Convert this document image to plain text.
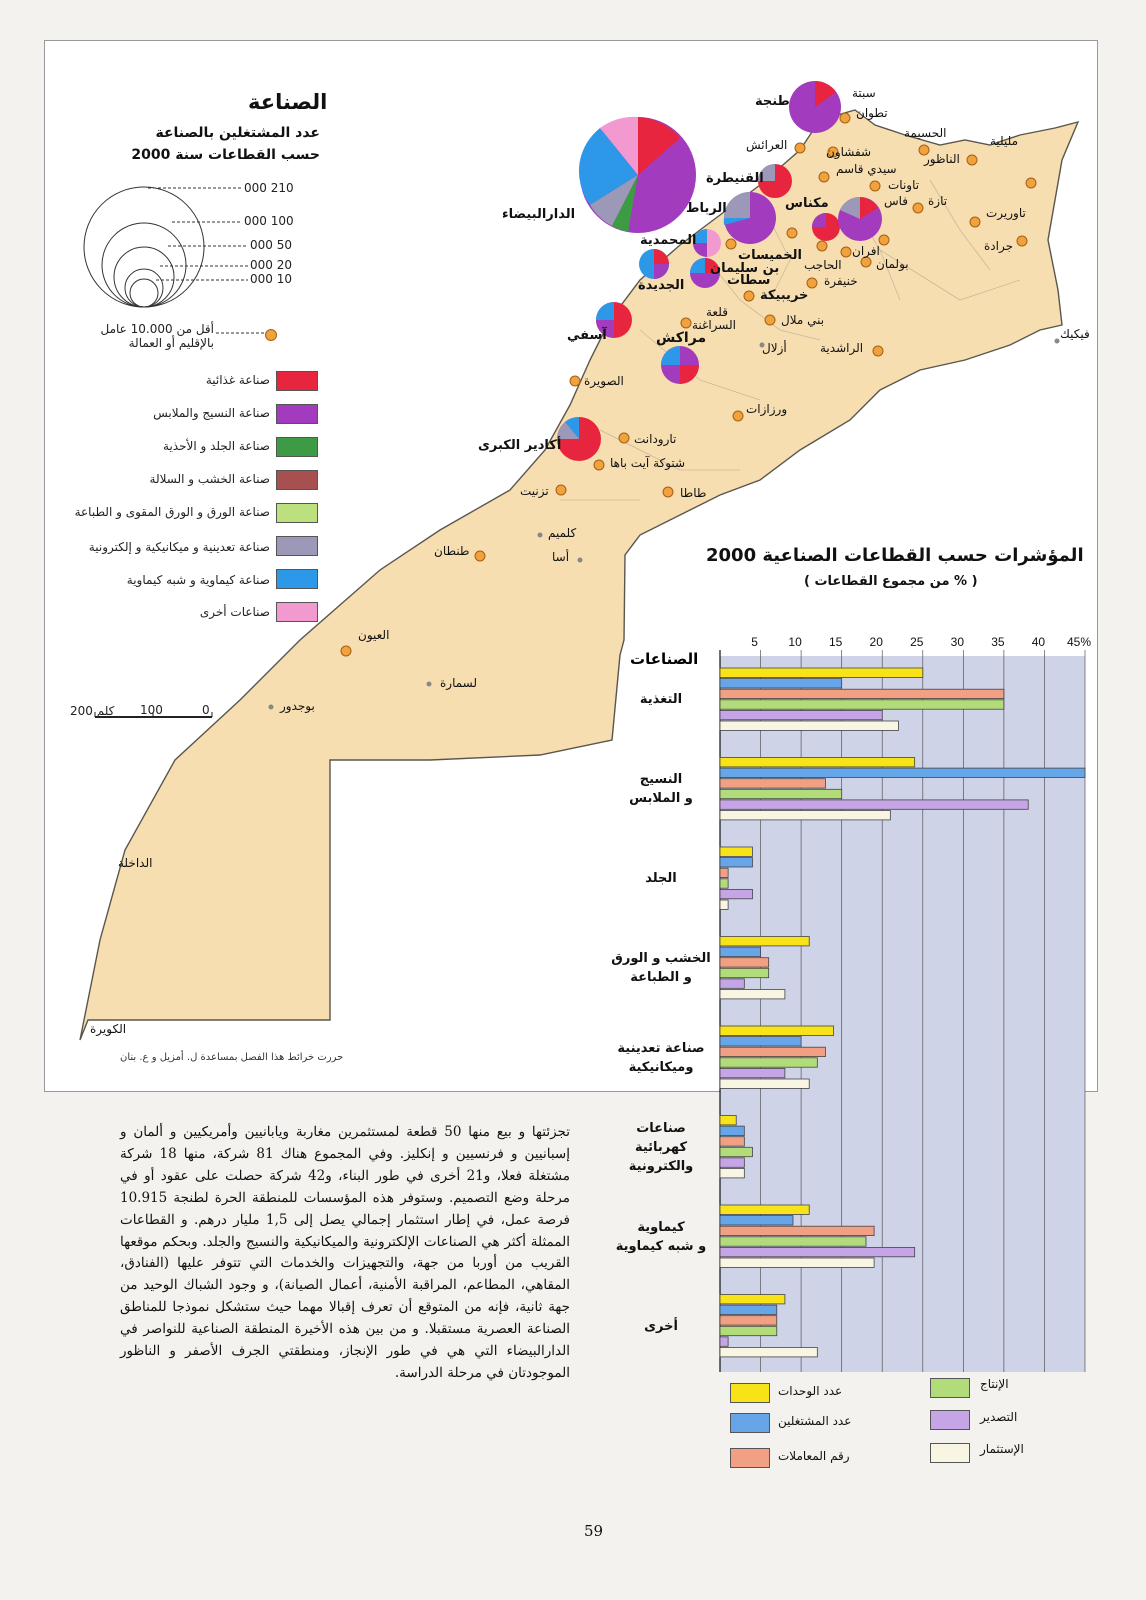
الصناعة
عدد المشتغلين بالصناعة
حسب القطاعات سنة 2000
210 000
100 000
50 000
20 000
10 000
أقل من 10.000 عامل
بالإقليم أو العمالة
صناعة غذائية
صناعة النسيج والملابس
صناعة الجلد و الأحذية
صناعة الخشب و السلالة
صناعة الورق و الورق المقوى و الطباعة
صناعة تعدينية و ميكانيكية و إلكترونية
صناعة كيماوية و شبه كيماوية
صناعات أخرى
كلم 200 100	0
طنجة
سبتة
تطوان
العرائش	شفشاون
الحسيمة
الناظور
مليلية
القنيطرة
سيدي قاسم
تاونات
الرباط	مكناس	فاس تازة
تاوريرت
جرادة
الدارالبيضاء
المحمدية
الخميسات
بن سليمان الحاجب
افران
بولمان
سطات	خنيفرة
الجديدة
خريبيكة
آسفي
قلعة
السراغنة	بني ملال
مراكش
أزلال	الراشدية
فيكيك
الصويرة
ورزازات
أكادير الكبرى	تارودانت
شتوكة آيت باها
تزنيت	طاطا
كلميم
أسا
طنطان
العيون
لسمارة
بوجدور
الداخلة
الكويرة
حررت خرائط هذا الفصل بمساعدة ل. أمزيل و ع. بنان
المؤشرات حسب القطاعات الصناعية 2000
( % من مجموع القطاعات )
الصناعات
5	10 15 20 25 30 35 40 45%
التغذية
النسيج
و الملابس
الجلد
الخشب و الورق
و الطباعة
صناعة تعدينية
وميكانيكية
صناعات
كهربائية
والكترونية
كيماوية
و شبه كيماوية
أخرى
عدد الوحدات
عدد المشتغلين
رقم المعاملات
الإنتاج
التصدير
الإستثمار
تجزئتها و بيع منها 50 قطعة لمستثمرين مغاربة ويابانيين وأمريكيين و ألمان و إسبانيين و فرنسيين و إنكليز. وفي المجموع هناك 81 شركة، منها 18 شركة مشتغلة فعلا، و21 أخرى في طور البناء، و42 شركة حصلت على عقود أو في مرحلة وضع التصميم. وستوفر هذه المؤسسات للمنطقة الحرة لطنجة 10.915 فرصة عمل، في إطار استثمار إجمالي يصل إلى 1,5 مليار درهم. و القطاعات الممثلة أكثر هي الصناعات الإلكترونية والميكانيكية والنسيج والجلد. وبحكم موقعها القريب من أوربا من جهة، والتجهيزات والخدمات التي تتوفر عليها (الفنادق، المقاهي، المطاعم، المراقبة الأمنية، أعمال الصيانة)، و وجود الشباك الوحيد من جهة ثانية، فإنه من المتوقع أن تعرف إقبالا مهما حيث ستشكل نموذجا للمناطق الصناعة العصرية مستقبلا. و من بين هذه الأخيرة المنطقة الصناعية للنواصر في الدارالبيضاء التي هي في طور الإنجاز، ومنطقتي الجرف الأصفر و الناظور الموجودتان في مرحلة الدراسة.
59
